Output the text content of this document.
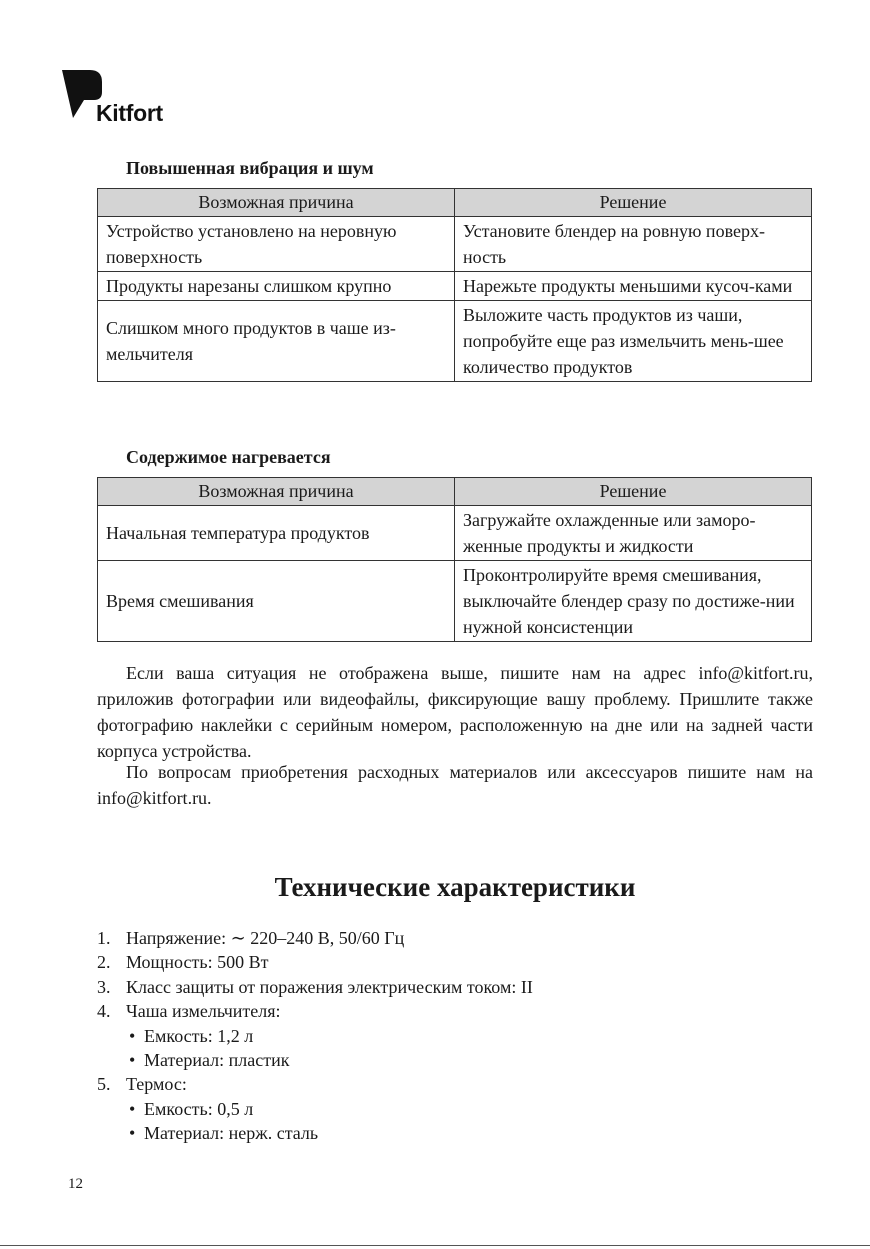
Kitfort
Повышенная вибрация и шум
Возможная причина	Решение
Устройство установлено на неровную поверхность	Установите блендер на ровную поверх-ность
Продукты нарезаны слишком крупно	Нарежьте продукты меньшими кусоч-ками
Слишком много продуктов в чаше из-мельчителя	Выложите часть продуктов из чаши, попробуйте еще раз измельчить мень-шее количество продуктов
Содержимое нагревается
Возможная причина	Решение
Начальная температура продуктов	Загружайте охлажденные или заморо-женные продукты и жидкости
Время смешивания	Проконтролируйте время смешивания, выключайте блендер сразу по достиже-нии нужной консистенции

Если ваша ситуация не отображена выше, пишите нам на адрес info@kitfort.ru, приложив фотографии или видеофайлы, фиксирующие вашу проблему. Пришлите также фотографию наклейки с серийным номером, расположенную на дне или на задней части корпуса устройства.

По вопросам приобретения расходных материалов или аксессуаров пишите нам на info@kitfort.ru.

Технические характеристики
1. Напряжение: ∼ 220–240 В, 50/60 Гц
2. Мощность: 500 Вт
3. Класс защиты от поражения электрическим током: II
4. Чаша измельчителя:
• Емкость: 1,2 л
• Материал: пластик
5. Термос:
• Емкость: 0,5 л
• Материал: нерж. сталь
12
